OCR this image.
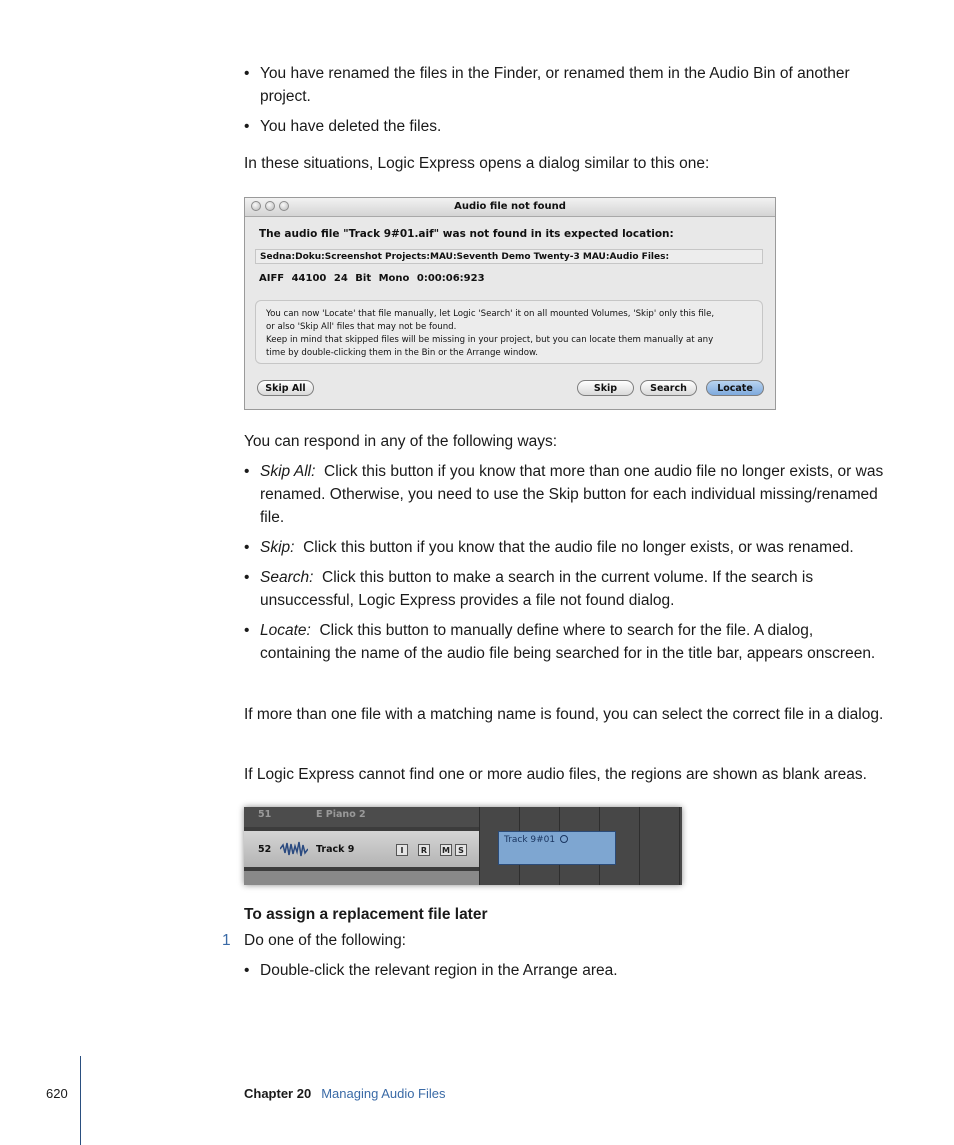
• You have renamed the files in the Finder, or renamed them in the Audio Bin of another project.
• You have deleted the files.

In these situations, Logic Express opens a dialog similar to this one:

Audio file not found
The audio file "Track 9#01.aif" was not found in its expected location:
Sedna:Doku:Screenshot Projects:MAU:Seventh Demo Twenty-3 MAU:Audio Files:
AIFF 44100 24 Bit Mono 0:00:06:923
You can now 'Locate' that file manually, let Logic 'Search' it on all mounted Volumes, 'Skip' only this file,
or also 'Skip All' files that may not be found.
Keep in mind that skipped files will be missing in your project, but you can locate them manually at any
time by double-clicking them in the Bin or the Arrange window.
Skip All	Skip	Search	Locate

You can respond in any of the following ways:

• Skip All: Click this button if you know that more than one audio file no longer exists, or was renamed. Otherwise, you need to use the Skip button for each individual missing/renamed file.
• Skip: Click this button if you know that the audio file no longer exists, or was renamed.
• Search: Click this button to make a search in the current volume. If the search is unsuccessful, Logic Express provides a file not found dialog.
• Locate: Click this button to manually define where to search for the file. A dialog, containing the name of the audio file being searched for in the title bar, appears onscreen.

If more than one file with a matching name is found, you can select the correct file in a dialog.

If Logic Express cannot find one or more audio files, the regions are shown as blank areas.

51	E Piano 2
52	Track 9	I	R	M	S
Track 9#01
To assign a replacement file later
1 Do one of the following:

• Double-click the relevant region in the Arrange area.
620	Chapter 20 Managing Audio Files
